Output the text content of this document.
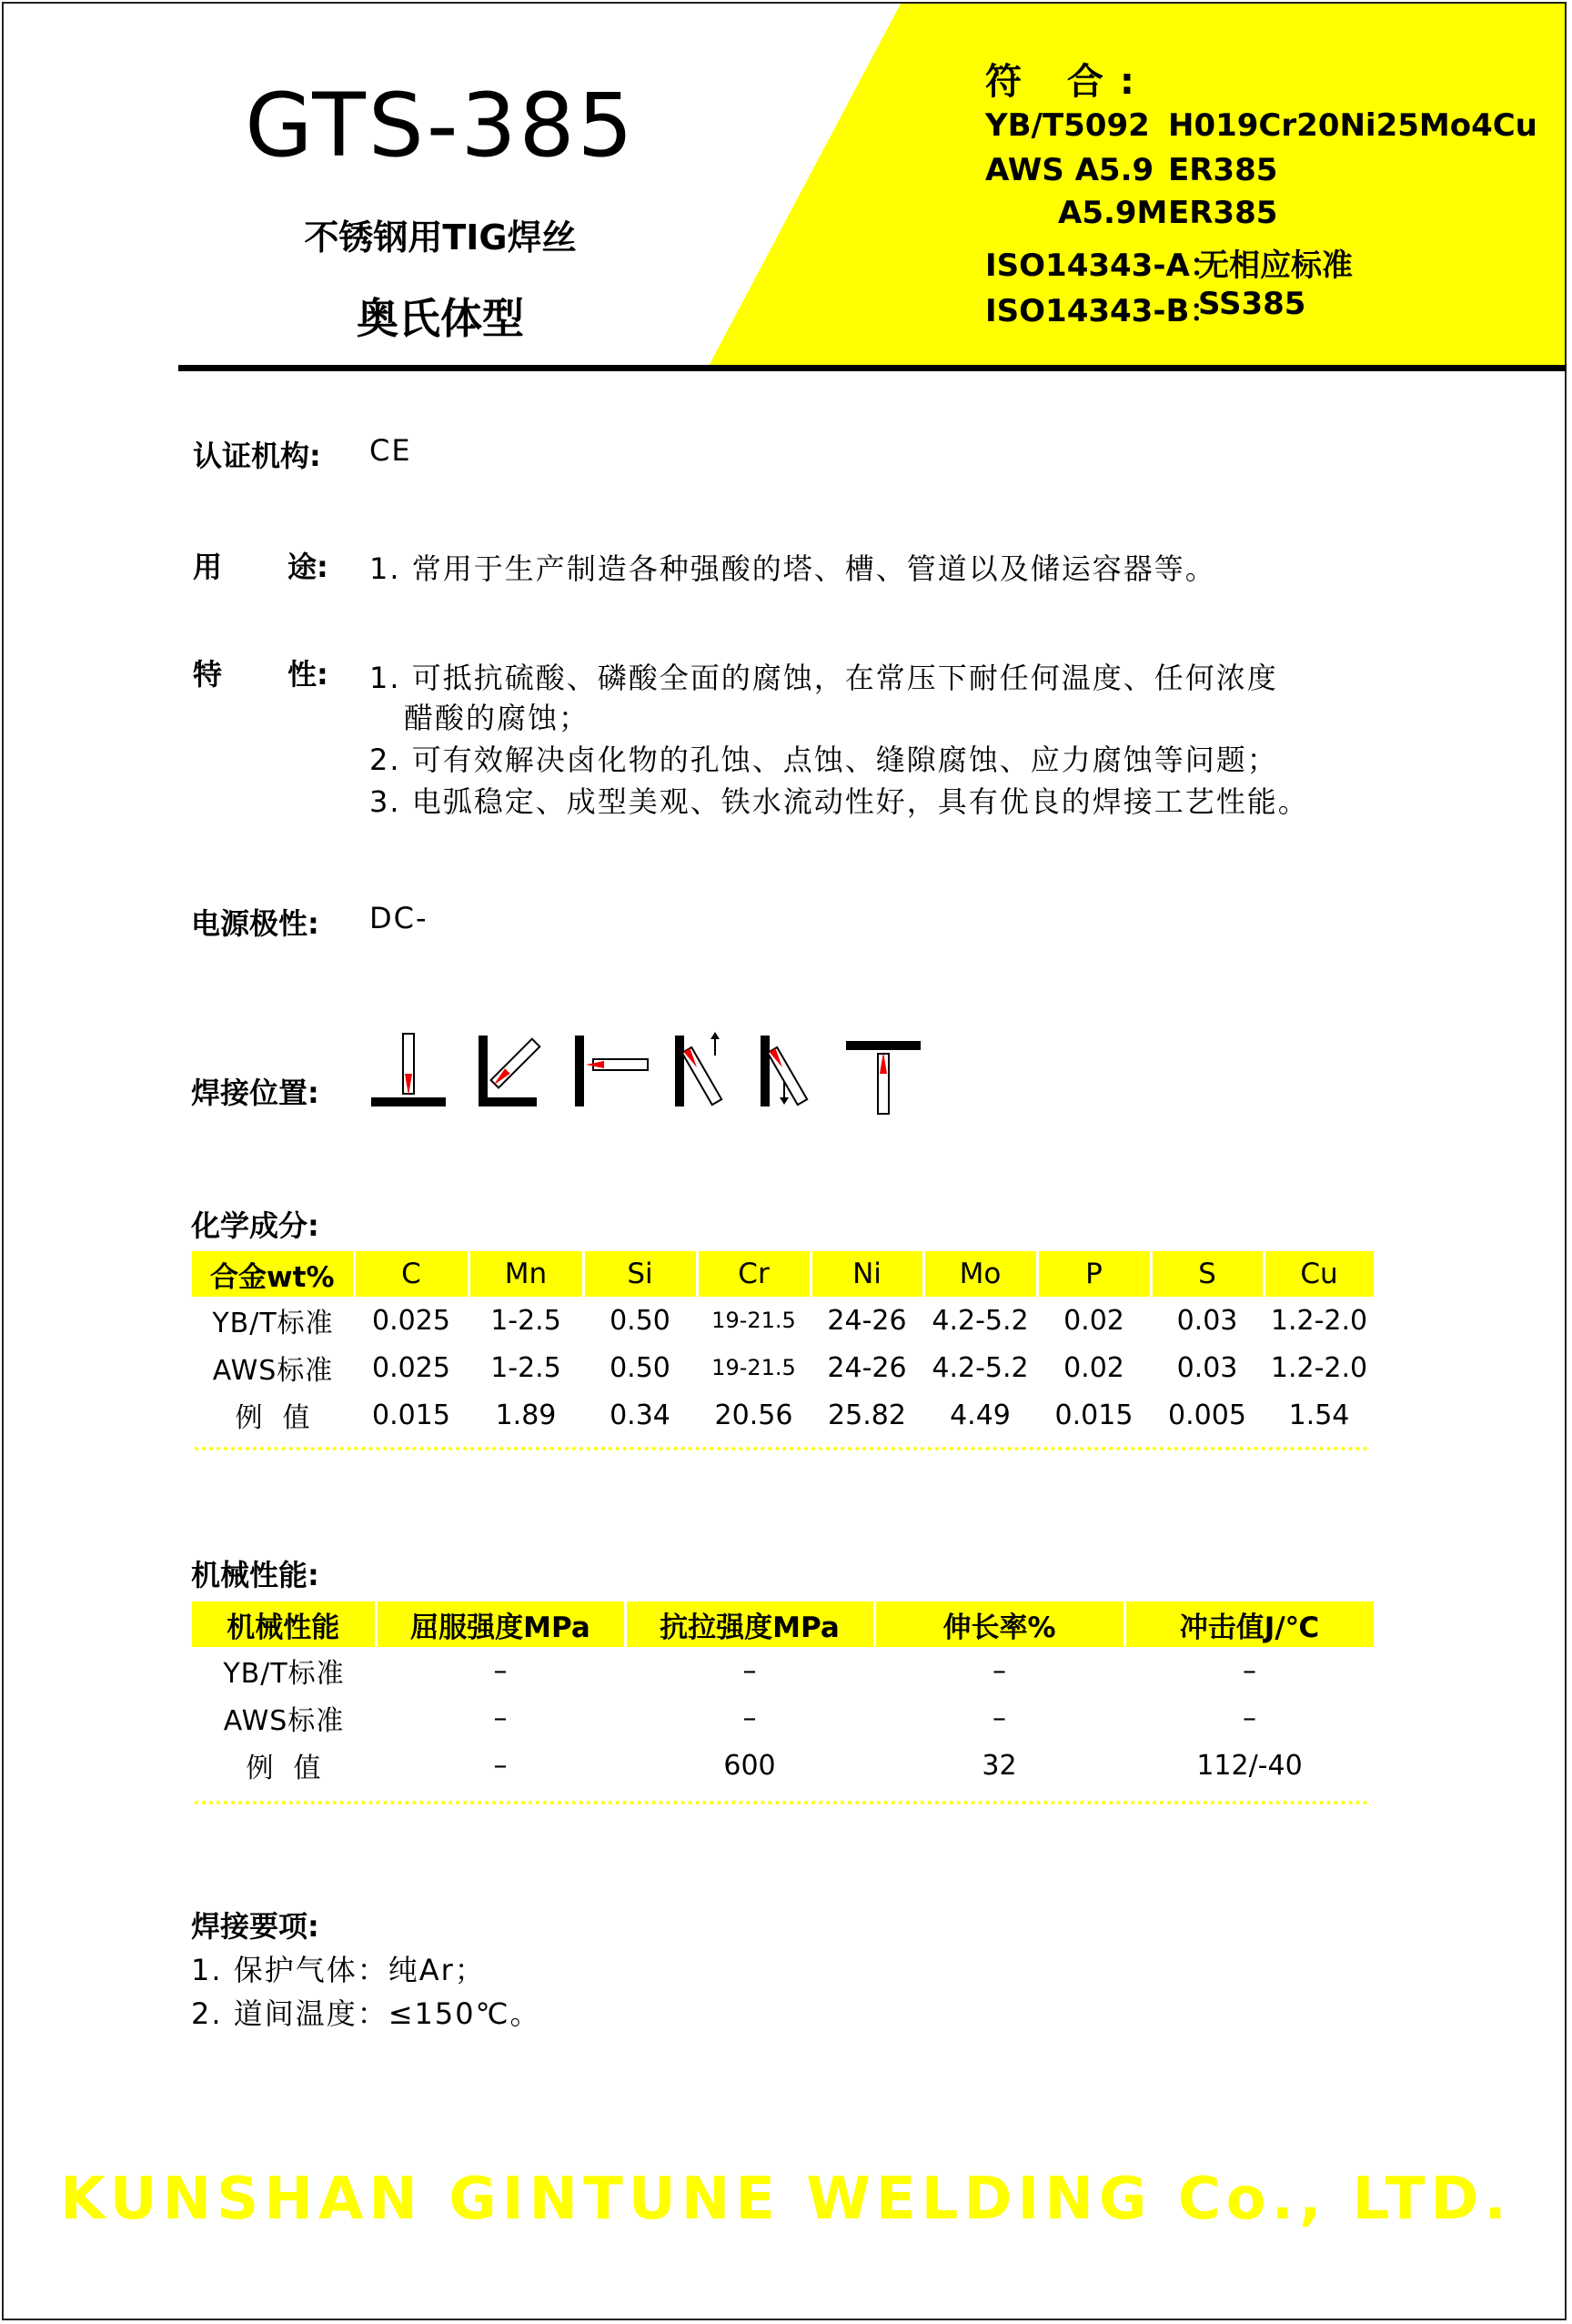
GTS-385
不锈钢用TIG焊丝
奥氏体型
符 合:
YB/T5092 H019Cr20Ni25Mo4Cu
AWS A5.9 ER385
A5.9M ER385
ISO14343-A：
无相应标准
ISO14343-B：
SS385
认证机构: CE
用 途: 1. 常用于生产制造各种强酸的塔、槽、管道以及储运容器等。
特 性: 1. 可抵抗硫酸、磷酸全面的腐蚀，在常压下耐任何温度、任何浓度
醋酸的腐蚀；
2. 可有效解决卤化物的孔蚀、点蚀、缝隙腐蚀、应力腐蚀等问题；
3. 电弧稳定、成型美观、铁水流动性好，具有优良的焊接工艺性能。
电源极性: DC-
焊接位置:
化学成分:
合金wt%	C	Mn	Si	Cr	Ni	Mo	P	S	Cu
YB/T标准	0.025	1-2.5	0.50	19-21.5	24-26	4.2-5.2	0.02	0.03	1.2-2.0
AWS标准	0.025	1-2.5	0.50	19-21.5	24-26	4.2-5.2	0.02	0.03	1.2-2.0
例  值	0.015	1.89	0.34	20.56	25.82	4.49	0.015	0.005	1.54
机械性能:
机械性能	屈服强度MPa	抗拉强度MPa	伸长率%	冲击值J/℃
YB/T标准	–	–	–	–
AWS标准	–	–	–	–
例  值	–	600	32	112/-40
焊接要项:
1. 保护气体：纯Ar；
2. 道间温度：≤150℃。
KUNSHAN GINTUNE WELDING Co., LTD.
